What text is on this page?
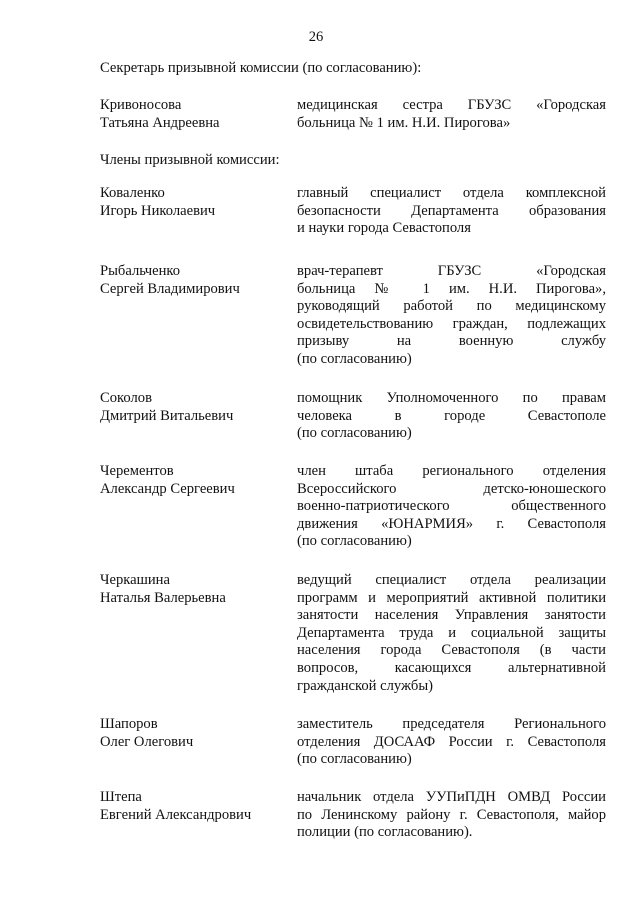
26
Секретарь призывной комиссии (по согласованию):
Кривоносова
Татьяна Андреевна
медицинская сестра ГБУЗС «Городская
больница № 1 им. Н.И. Пирогова»
Члены призывной комиссии:
Коваленко
Игорь Николаевич
главный специалист отдела комплексной
безопасности Департамента образования
и науки города Севастополя
Рыбальченко
Сергей Владимирович
врач-терапевт ГБУЗС «Городская
больница № 1 им. Н.И. Пирогова»,
руководящий работой по медицинскому
освидетельствованию граждан, подлежащих
призыву на военную службу
(по согласованию)
Соколов
Дмитрий Витальевич
помощник Уполномоченного по правам
человека в городе Севастополе
(по согласованию)
Черементов
Александр Сергеевич
член штаба регионального отделения
Всероссийского детско-юношеского
военно-патриотического общественного
движения «ЮНАРМИЯ» г. Севастополя
(по согласованию)
Черкашина
Наталья Валерьевна
ведущий специалист отдела реализации
программ и мероприятий активной политики
занятости населения Управления занятости
Департамента труда и социальной защиты
населения города Севастополя (в части
вопросов, касающихся альтернативной
гражданской службы)
Шапоров
Олег Олегович
заместитель председателя Регионального
отделения ДОСААФ России г. Севастополя
(по согласованию)
Штепа
Евгений Александрович
начальник отдела УУПиПДН ОМВД России
по Ленинскому району г. Севастополя, майор
полиции (по согласованию).
